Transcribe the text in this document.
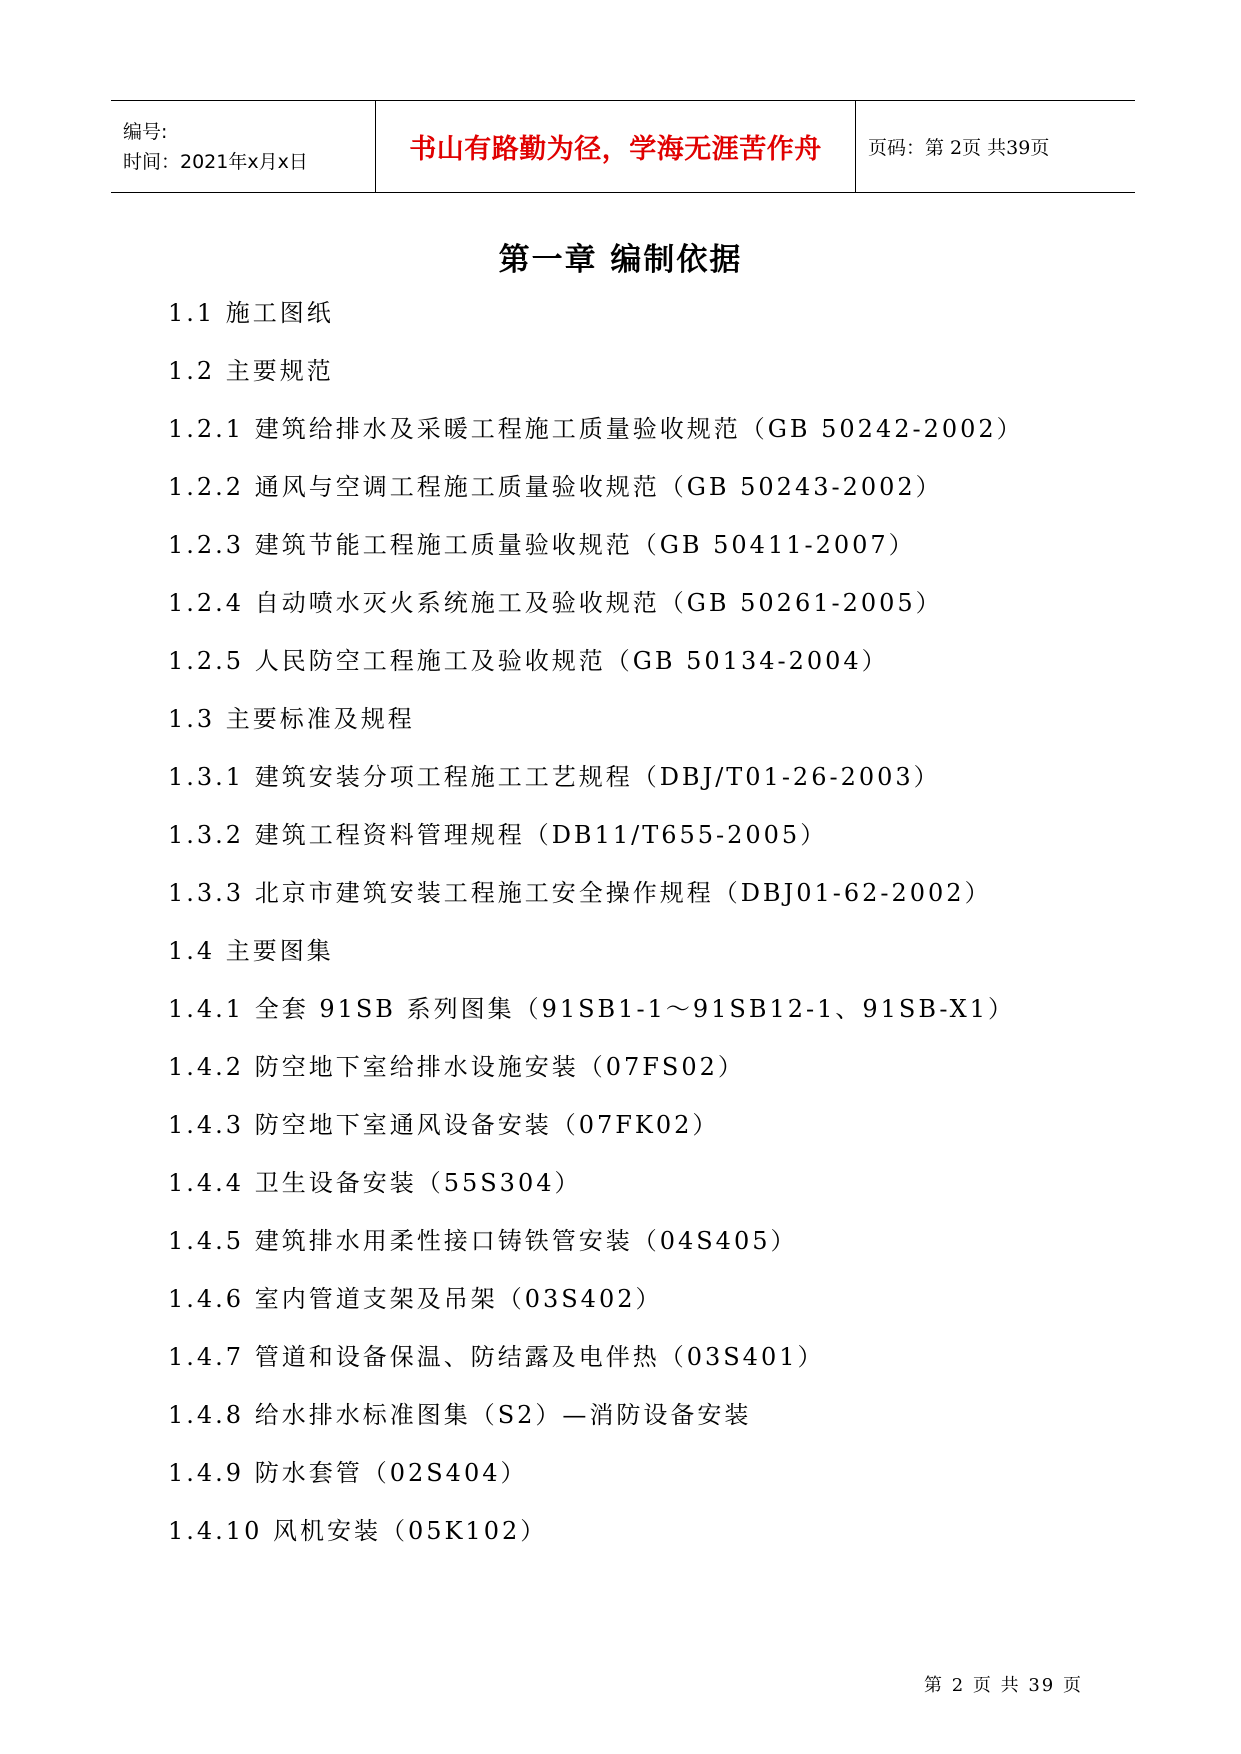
编号:
时间：2021年x月x日	书山有路勤为径，学海无涯苦作舟 页码：第 2页 共39页
第一章 编制依据
1.1 施工图纸
1.2 主要规范
1.2.1 建筑给排水及采暖工程施工质量验收规范（GB 50242-2002）
1.2.2 通风与空调工程施工质量验收规范（GB 50243-2002）
1.2.3 建筑节能工程施工质量验收规范（GB 50411-2007）
1.2.4 自动喷水灭火系统施工及验收规范（GB 50261-2005）
1.2.5 人民防空工程施工及验收规范（GB 50134-2004）
1.3 主要标准及规程
1.3.1 建筑安装分项工程施工工艺规程（DBJ/T01-26-2003）
1.3.2 建筑工程资料管理规程（DB11/T655-2005）
1.3.3 北京市建筑安装工程施工安全操作规程（DBJ01-62-2002）
1.4 主要图集
1.4.1 全套 91SB 系列图集（91SB1-1～91SB12-1、91SB-X1）
1.4.2 防空地下室给排水设施安装（07FS02）
1.4.3 防空地下室通风设备安装（07FK02）
1.4.4 卫生设备安装（55S304）
1.4.5 建筑排水用柔性接口铸铁管安装（04S405）
1.4.6 室内管道支架及吊架（03S402）
1.4.7 管道和设备保温、防结露及电伴热（03S401）
1.4.8 给水排水标准图集（S2）—消防设备安装
1.4.9 防水套管（02S404）
1.4.10 风机安装（05K102）
第 2 页 共 39 页
